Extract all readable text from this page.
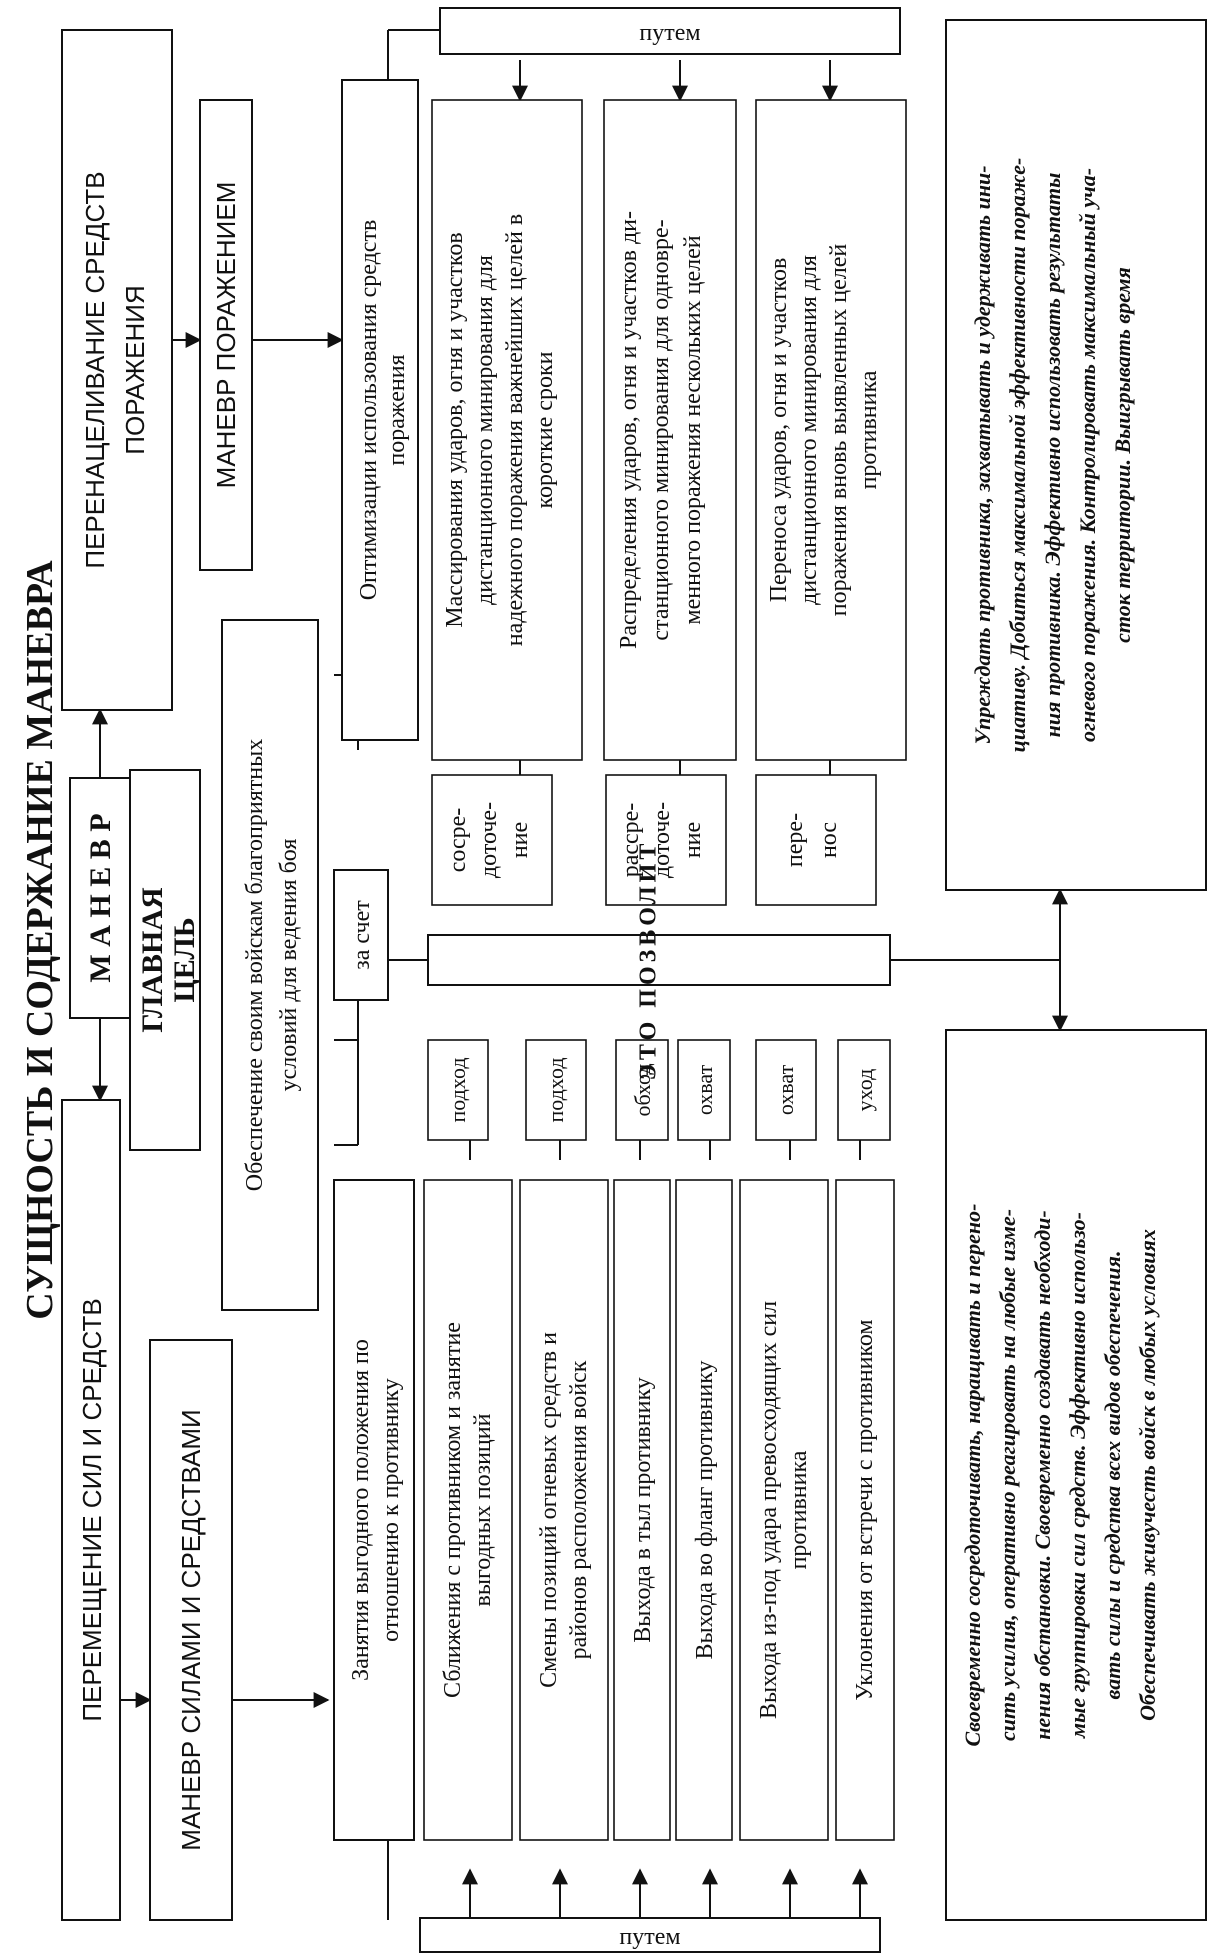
СУЩНОСТЬ И СОДЕРЖАНИЕ МАНЕВРА М А Н Е В Р ГЛАВНАЯ ЦЕЛЬ Обеспечение своим войскам благоприятных условий для ведения боя
ПЕРЕМЕЩЕНИЕ СИЛ И СРЕДСТВ
ПЕРЕНАЦЕЛИВАНИЕ СРЕДСТВ ПОРАЖЕНИЯ
МАНЕВР СИЛАМИ И СРЕДСТВАМИ
МАНЕВР ПОРАЖЕНИЕМ
Занятия выгодного положения по отношению к противнику
за счет
Оптимизации использования средств поражения
Сближения с противником и занятие выгодных позиций
подход
Смены позиций огневых средств и районов расположения войск
подход
Выхода в тыл противнику
обход
Выхода во фланг противнику
охват
Выхода из-под удара превосходящих сил противника
охват
Уклонения от встречи с противником
уход
Массирования ударов, огня и участков дистанционного минирования для надежного поражения важнейших целей в короткие сроки
сосре- доточе- ние
Распределения ударов, огня и участков ди- станционного минирования для одновре- менного поражения нескольких целей
рассре- доточе- ние
Переноса ударов, огня и участков дистанционного минирования для поражения вновь выявленных целей противника
пере- нос
ЭТО ПОЗВОЛИТ
путем
путем
Своевременно сосредоточивать, наращивать и перено- сить усилия, оперативно реагировать на любые изме- нения обстановки. Своевременно создавать необходи- мые группировки сил средств. Эффективно использо- вать силы и средства всех видов обеспечения. Обеспечивать живучесть войск в любых условиях
Упреждать противника, захватывать и удерживать ини- циативу. Добиться максимальной эффективности пораже- ния противника. Эффективно использовать результаты огневого поражения. Контролировать максимальный уча- сток территории. Выигрывать время
